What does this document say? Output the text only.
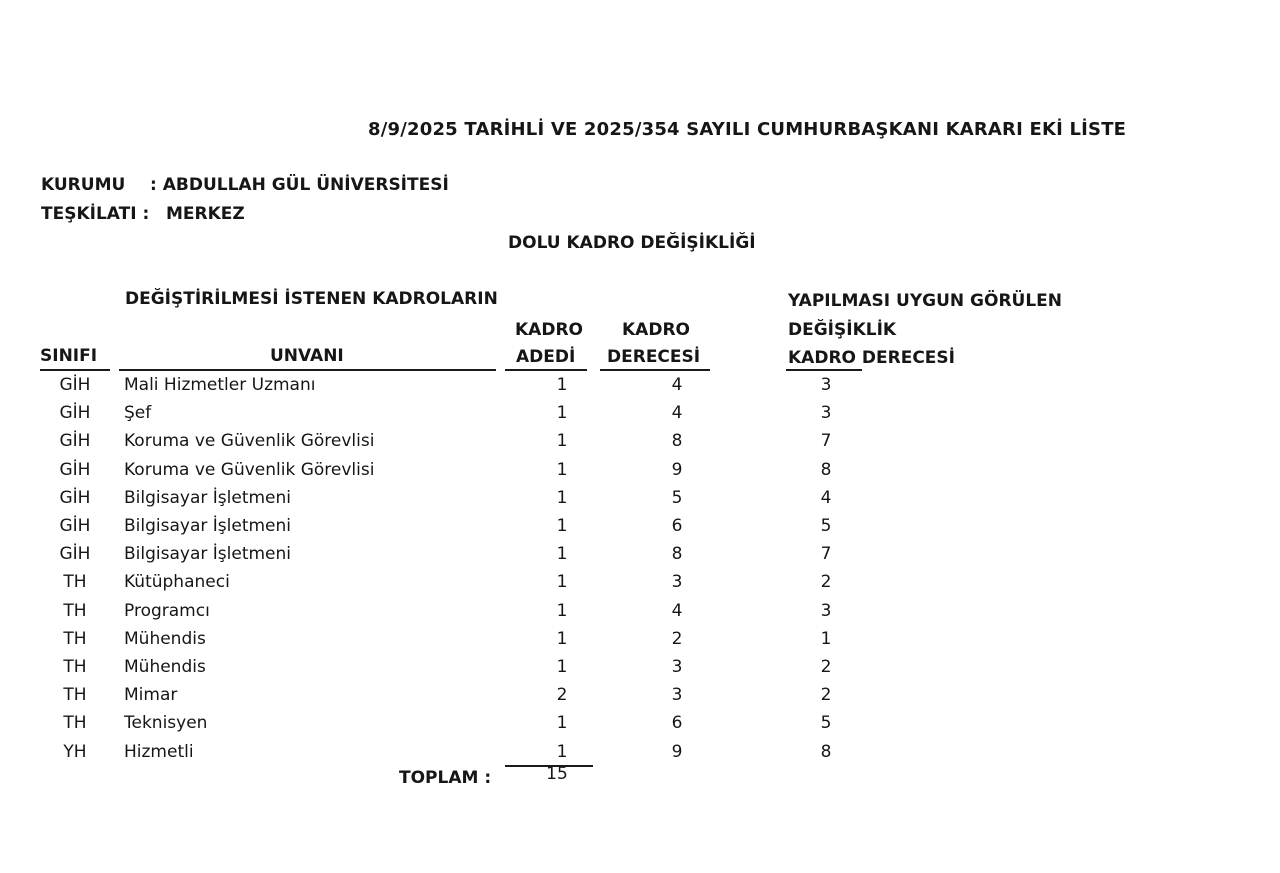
8/9/2025 TARİHLİ VE 2025/354 SAYILI CUMHURBAŞKANI KARARI EKİ LİSTE
KURUMU : ABDULLAH GÜL ÜNİVERSİTESİ
TEŞKİLATI : MERKEZ
DOLU KADRO DEĞİŞİKLİĞİ
DEĞİŞTİRİLMESİ İSTENEN KADROLARIN	YAPILMASI UYGUN GÖRÜLEN
DEĞİŞİKLİK
SINIFI	UNVANI
KADRO
ADEDİ
KADRO
DERECESİ	KADRO DERECESİ
GİH	Mali Hizmetler Uzmanı	1	4	3
GİH	Şef	1	4	3
GİH	Koruma ve Güvenlik Görevlisi	1	8	7
GİH	Koruma ve Güvenlik Görevlisi	1	9	8
GİH	Bilgisayar İşletmeni	1	5	4
GİH	Bilgisayar İşletmeni	1	6	5
GİH	Bilgisayar İşletmeni	1	8	7
TH	Kütüphaneci	1	3	2
TH	Programcı	1	4	3
TH	Mühendis	1	2	1
TH	Mühendis	1	3	2
TH	Mimar	2	3	2
TH	Teknisyen	1	6	5
YH	Hizmetli	1	9	8
TOPLAM :	15
